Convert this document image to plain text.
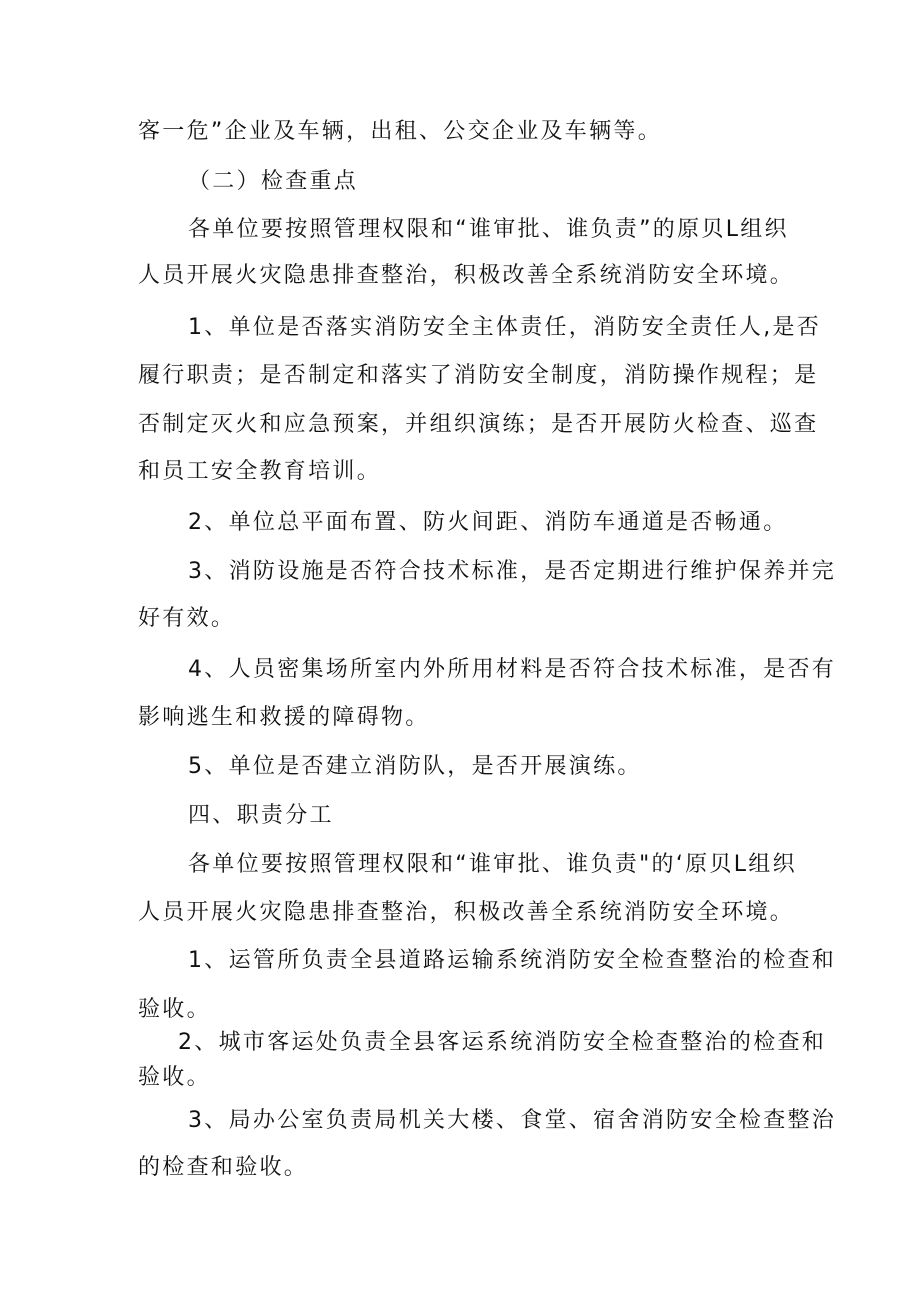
客一危”企业及车辆，出租、公交企业及车辆等。
（二）检查重点
各单位要按照管理权限和“谁审批、谁负责”的原贝L组织
人员开展火灾隐患排查整治，积极改善全系统消防安全环境。
1、单位是否落实消防安全主体责任，消防安全责任人,是否
履行职责；是否制定和落实了消防安全制度，消防操作规程；是
否制定灭火和应急预案，并组织演练；是否开展防火检查、巡查
和员工安全教育培训。
2、单位总平面布置、防火间距、消防车通道是否畅通。
3、消防设施是否符合技术标准，是否定期进行维护保养并完
好有效。
4、人员密集场所室内外所用材料是否符合技术标准，是否有
影响逃生和救援的障碍物。
5、单位是否建立消防队，是否开展演练。
四、职责分工
各单位要按照管理权限和“谁审批、谁负责"的‘原贝L组织
人员开展火灾隐患排查整治，积极改善全系统消防安全环境。
1、运管所负责全县道路运输系统消防安全检查整治的检查和
验收。
2、城市客运处负责全县客运系统消防安全检查整治的检查和
验收。
3、局办公室负责局机关大楼、食堂、宿舍消防安全检查整治
的检查和验收。
